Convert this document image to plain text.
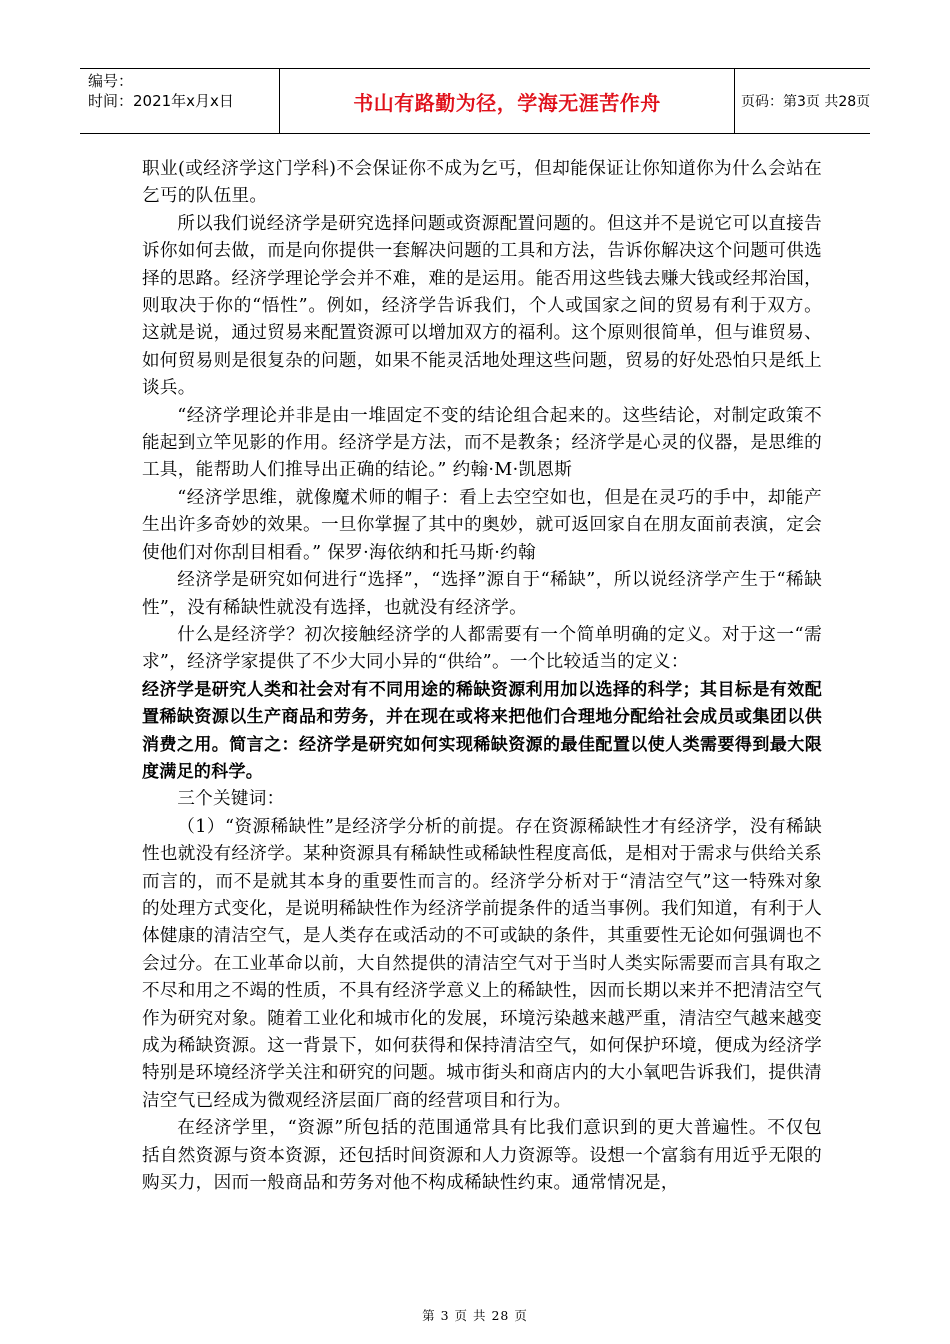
编号：
时间：2021年x月x日	书山有路勤为径，学海无涯苦作舟	页码：第3页 共28页

职业(或经济学这门学科)不会保证你不成为乞丐，但却能保证让你知道你为什么会站在乞丐的队伍里。

所以我们说经济学是研究选择问题或资源配置问题的。但这并不是说它可以直接告诉你如何去做，而是向你提供一套解决问题的工具和方法，告诉你解决这个问题可供选择的思路。经济学理论学会并不难，难的是运用。能否用这些钱去赚大钱或经邦治国，则取决于你的“悟性”。例如，经济学告诉我们，个人或国家之间的贸易有利于双方。这就是说，通过贸易来配置资源可以增加双方的福利。这个原则很简单，但与谁贸易、如何贸易则是很复杂的问题，如果不能灵活地处理这些问题，贸易的好处恐怕只是纸上谈兵。

“经济学理论并非是由一堆固定不变的结论组合起来的。这些结论，对制定政策不能起到立竿见影的作用。经济学是方法，而不是教条；经济学是心灵的仪器，是思维的工具，能帮助人们推导出正确的结论。” 约翰·M·凯恩斯

“经济学思维，就像魔术师的帽子：看上去空空如也，但是在灵巧的手中，却能产生出许多奇妙的效果。一旦你掌握了其中的奥妙，就可返回家自在朋友面前表演，定会使他们对你刮目相看。” 保罗·海依纳和托马斯·约翰

经济学是研究如何进行“选择”，“选择”源自于“稀缺”，所以说经济学产生于“稀缺性”，没有稀缺性就没有选择，也就没有经济学。

什么是经济学？初次接触经济学的人都需要有一个简单明确的定义。对于这一“需求”，经济学家提供了不少大同小异的“供给”。一个比较适当的定义：

经济学是研究人类和社会对有不同用途的稀缺资源利用加以选择的科学；其目标是有效配置稀缺资源以生产商品和劳务，并在现在或将来把他们合理地分配给社会成员或集团以供消费之用。简言之：经济学是研究如何实现稀缺资源的最佳配置以使人类需要得到最大限度满足的科学。

三个关键词：

（1）“资源稀缺性”是经济学分析的前提。存在资源稀缺性才有经济学，没有稀缺性也就没有经济学。某种资源具有稀缺性或稀缺性程度高低，是相对于需求与供给关系而言的，而不是就其本身的重要性而言的。经济学分析对于“清洁空气”这一特殊对象的处理方式变化，是说明稀缺性作为经济学前提条件的适当事例。我们知道，有利于人体健康的清洁空气，是人类存在或活动的不可或缺的条件，其重要性无论如何强调也不会过分。在工业革命以前，大自然提供的清洁空气对于当时人类实际需要而言具有取之不尽和用之不竭的性质，不具有经济学意义上的稀缺性，因而长期以来并不把清洁空气作为研究对象。随着工业化和城市化的发展，环境污染越来越严重，清洁空气越来越变成为稀缺资源。这一背景下，如何获得和保持清洁空气，如何保护环境，便成为经济学特别是环境经济学关注和研究的问题。城市街头和商店内的大小氧吧告诉我们，提供清洁空气已经成为微观经济层面厂商的经营项目和行为。

在经济学里，“资源”所包括的范围通常具有比我们意识到的更大普遍性。不仅包括自然资源与资本资源，还包括时间资源和人力资源等。设想一个富翁有用近乎无限的购买力，因而一般商品和劳务对他不构成稀缺性约束。通常情况是，

第 3 页 共 28 页
